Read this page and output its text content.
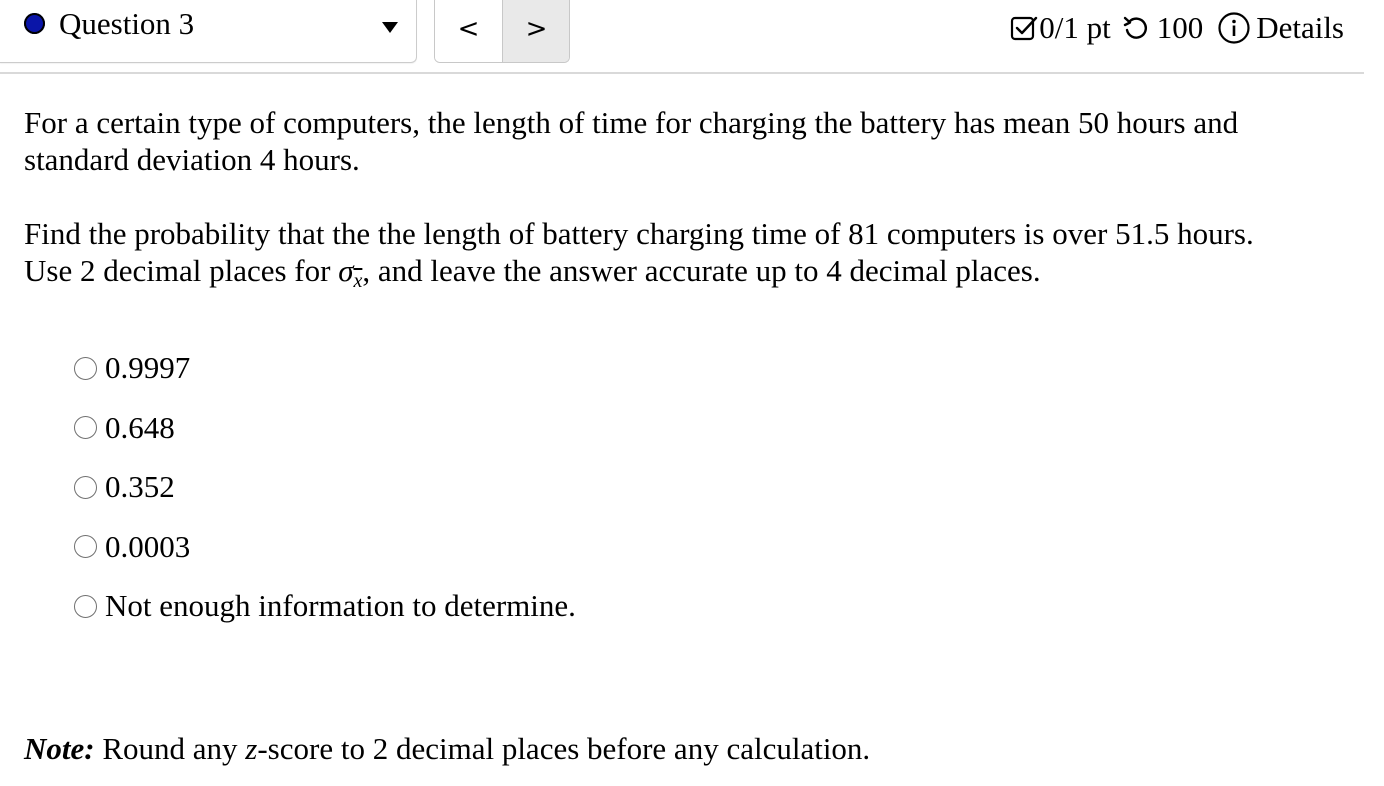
Question 3	< >	0/1 pt 100 Details

For a certain type of computers, the length of time for charging the battery has mean 50 hours and standard deviation 4 hours.

Find the probability that the the length of battery charging time of 81 computers is over 51.5 hours.
Use 2 decimal places for $\sigma_{\overline{x}}$, and leave the answer accurate up to 4 decimal places.

0.9997
0.648
0.352
0.0003
Not enough information to determine.
Note: Round any z-score to 2 decimal places before any calculation.
